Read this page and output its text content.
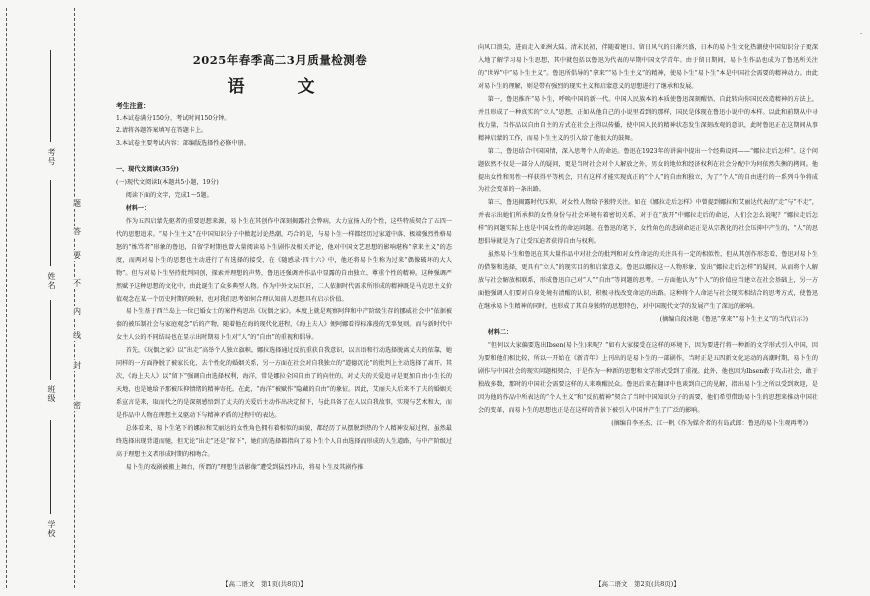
考号
姓名
班级
学校
密
封
线
内
不
要
答
题
2025年春季高二3月质量检测卷
语　文
考生注意：
1.本试卷满分150分，考试时间150分钟。
2.请将各题答案填写在答题卡上。
3.本试卷主要考试内容：部编版选择性必修中册。

一、现代文阅读(35分)

(一)现代文阅读Ⅰ(本题共5小题，19分)

阅读下面的文字，完成1～5题。

材料一：

作为五四启蒙先驱者的重要思想来源，易卜生在其创作中深刻揭露社会弊病，大力宣扬人的个性，这些特质契合了五四一代的思想追求。“易卜生主义”在中国知识分子中掀起讨论热潮，巧合的是，与易卜生一样都经历过家道中落、极端强烈性格易怒的“炼骂者”形象的鲁迅，自留学时期也曾大量阅读易卜生剧作及相关评论，他对中国文艺思想的影响堪称“拿来主义”的态度，而两对易卜生的思想也主动进行了有选择的接受，在《随感录·四十六》中，他还将易卜生称为过来“偶像破坏的大人物”。但与对易卜生坚持批判同创，探索并理想的声势，鲁迅还强调并作品中显露的自由独立、尊重个性的精神。这种强调严然赋予这种思想的文化中，由此诞生了众多典型人物。作为中外文坛巨匠，二人依据时代需求所形成的精神既是马克思主义价值观念在某一个历史时期的映射，也对我们思考如何合理认知前人思想具有启示价值。

易卜生基于西兰岛上一位已婚女士的案件构思出《玩偶之家》。本度上就是观察阿拜和中产阶级生存的挪威社会中“依据被套的被压制社会与家庭观念”后的产物，随着他在海的现代化进程，《海上夫人》便阿娜看得标准漫的无辜复则。而与新时代中女主人公的不同结局也在显示出时期易卜生对“人”的“自由”的重视和倡导。

首先，《玩偶之家》以“出走”高举个人独立旗帜。娜拉选择通过反抗重获自我意识，以言语和行动选择脱离丈夫的依靠，她同样的一方面挣脱了被家长化、去个性化的婚姻关系，另一方面在社会对自我独立的“道德沉沦”的批判上主动选择了离开。其次，《海上夫人》以“留下”强调自由选择权利，海洋，常是娜拉全国自由了的向往的，对丈夫的关爱追寻是更加自由小生长的天地，也是她给予那被压抑情绪的精神寄托。在此，“海洋”被赋作“隐藏的自由”的象征。因此，艾丽夫人后来不了夫的婚姻关系宣言是来，取而代之的是深刻感悟到了丈夫的关爱后主动作出决定留下，与此具备了在人以自我故事，实现与艺术和大，而是作品中人物在理想主义驱动下与精神矛盾的过程中的表达。

总体看来，易卜生笔下的娜拉和艾丽达的女性角色拥有着相似的面貌，都经历了从摆脱到热的个人精神发展过程，虽然最终选择出现背道而驰，但无论“出走”还是“留下”，她们的选择都指向了易卜生个人自由选择而形成的人生道路，与中产阶级过高于理想主义者形成时期的相吻合。

易卜生的戏剧被搬上舞台，所谓的“理想生活影像”遭受到猛烈冲击，将易卜生及其剧作推

向风口浪尖，进而走入亚洲大陆。清末民初，伴随着建日、留日风气的日渐兴盛，日本的易卜生文化热潮使中国知识分子更深入地了解学习易卜生思想，其中就包括以鲁迅为代表的早期中国文学青年。由于留日期间，易卜生作品也成为了鲁迅所关注的“世界”中“易卜生主义”。鲁迅所倡导的“拿来”“易卜生主义”的精神，使易卜生“易卜生”本是中国社会需要的精神动力。由此对易卜生的理解，则是带有强烈的现实主义和启蒙意义的思想进行了继承和发展。

第一，鲁迅推许“易卜生，呼唤中国的新一代。中国人民族本的本质使鲁迅深刻醒悟，自此转向你国民改造精神的方法上，并且形成了一种真实的“立人”思想，正如从他自己的小说里看到的那样，国民是体现在鲁迅小说中的本样。以此和前期从中寻找力量，当作品以自由自主的方式在社会上得以传播，使中国人民的精神状态发生深刻改观的意识，此时鲁迅正在这期间从事精神启蒙的工作，而易卜生主义的引入给了他很大的鼓舞。

第二，鲁迅结合中国国情，深入思考个人的命运。鲁迅在1923年的讲演中提出一个经典设问——“娜拉走后怎样”。这个问题依然不仅是一部分人的疑问，更是当时社会对个人解放之外，男女的地位和经济权利在社会分配中为何依然失衡的拷问。他提出女性和男性一样获得平等机会，只有这样才能实现真正的“个人”的自由和独立，为了“个人”的自由进行的一系列斗争将成为社会变革的一条出路。

第三，鲁迅揭露时代压抑，对女性人物给予独特关注。如在《娜拉走后怎样》中曾提到娜拉和艾丽达代表的“走”与“不走”，并表示出她们所承担的女性身份与社会环境有着密切关系，对于在“放开”中娜拉走后的命运，人们会怎么说呢？“娜拉走后怎样”的问题实际上也是中国女性的命运问题。在鲁迅的笔下，女性角色的悲剧命运正是从宗教化的社会压抑中产生的，“人”的思想倡导就是为了让受压迫者获得自由与权利。

虽然易卜生和鲁迅在其大量作品中对社会的批判和对女性命运的关注具有一定的相似性，但从其创作形态看，鲁迅对易卜生的借鉴和选择，更具有“立人”的现实目的和启蒙意义。鲁迅以娜拉这一人物形象，发出“娜拉走后怎样”的疑问，从而将个人解放与社会解放相联系，形成鲁迅自己对“人”“自由”等问题的思考。一方面他认为“个人”的价值应当建立在社会基础上，另一方面他强调人们要对自身处境有清醒的认识，积极寻找改变命运的出路。这种将个人命运与社会现实相结合的思考方式，使鲁迅在继承易卜生精神的同时，也形成了其自身独特的思想特色，对中国现代文学的发展产生了深远的影响。

(摘编自段冰艳《鲁迅“拿来”“易卜生主义”的当代启示》)

材料二：

“但何以大家偏要选出Ibsen(易卜生)来呢？”如有大家接受在这样的环境下，因为要进行将一种新的文学形式引入中国，因为要和他们相比较，所以一开始在《新青年》上刊出的是易卜生的一部剧作，当时正是五四新文化运动的高潮时期，易卜生的剧作与中国社会的现实问题相契合，于是作为一种新的思想和文学形式受到了重视。此外，他也因为Ibsen敢于攻击社会，敢于独战多数，那时的中国社会需要这样的人来唤醒民众。鲁迅后来在翻译中也谈到自己的见解，指出易卜生之所以受到欢迎，是因为他的作品中所表达的“个人主义”和“反抗精神”契合了当时中国知识分子的需要，他们希望借助易卜生的思想来推动中国社会的变革，而易卜生的思想也正是在这样的背景下被引入中国并产生了广泛的影响。

(摘编自李圣杰、江一帆《作为媒介者的有岛武郎：鲁迅的易卜生观再考》)

【高二语文　第1页(共8页)】	【高二语文　第2页(共8页)】
·
